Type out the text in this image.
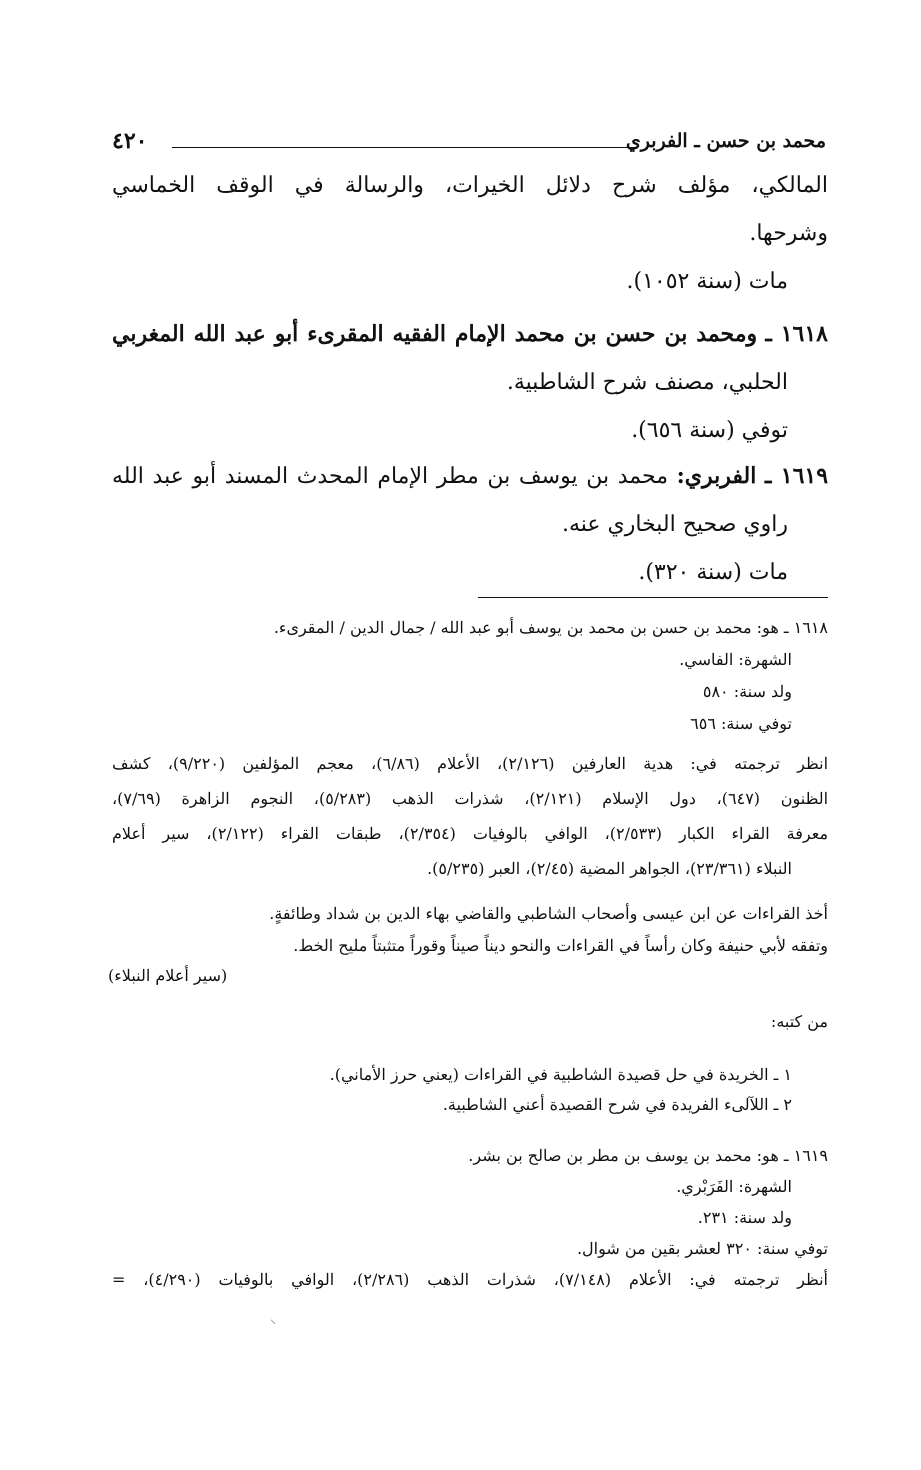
محمد بن حسن ـ الفربري
٤٢٠

المالكي، مؤلف شرح دلائل الخيرات، والرسالة في الوقف الخماسي

وشرحها.

مات (سنة ١٠٥٢).

١٦١٨ ـ ومحمد بن حسن بن محمد الإمام الفقيه المقرىء أبو عبد الله المغربي

الحلبي، مصنف شرح الشاطبية.

توفي (سنة ٦٥٦).

١٦١٩ ـ الفربري: محمد بن يوسف بن مطر الإمام المحدث المسند أبو عبد الله

راوي صحيح البخاري عنه.

مات (سنة ٣٢٠).

١٦١٨ ـ هو: محمد بن حسن بن محمد بن يوسف أبو عبد الله / جمال الدين / المقرىء.

الشهرة: الفاسي.

ولد سنة: ٥٨٠

توفي سنة: ٦٥٦

انظر ترجمته في: هدية العارفين (٢/١٢٦)، الأعلام (٦/٨٦)، معجم المؤلفين (٩/٢٢٠)، كشف

الظنون (٦٤٧)، دول الإسلام (٢/١٢١)، شذرات الذهب (٥/٢٨٣)، النجوم الزاهرة (٧/٦٩)،

معرفة القراء الكبار (٢/٥٣٣)، الوافي بالوفيات (٢/٣٥٤)، طبقات القراء (٢/١٢٢)، سير أعلام

النبلاء (٢٣/٣٦١)، الجواهر المضية (٢/٤٥)، العبر (٥/٢٣٥).

أخذ القراءات عن ابن عيسى وأصحاب الشاطبي والقاضي بهاء الدين بن شداد وطائفةٍ.

وتفقه لأبي حنيفة وكان رأساً في القراءات والنحو ديناً صيناً وقوراً متثبتاً مليح الخط.

(سير أعلام النبلاء)

من كتبه:

١ ـ الخريدة في حل قصيدة الشاطبية في القراءات (يعني حرز الأماني).

٢ ـ اللآلىء الفريدة في شرح القصيدة أعني الشاطبية.

١٦١٩ ـ هو: محمد بن يوسف بن مطر بن صالح بن بشر.

الشهرة: الفَرَبْري.

ولد سنة: ٢٣١.

توفي سنة: ٣٢٠ لعشر بقين من شوال.

أنظر ترجمته في: الأعلام (٧/١٤٨)، شذرات الذهب (٢/٢٨٦)، الوافي بالوفيات (٤/٢٩٠)، =

⸝
